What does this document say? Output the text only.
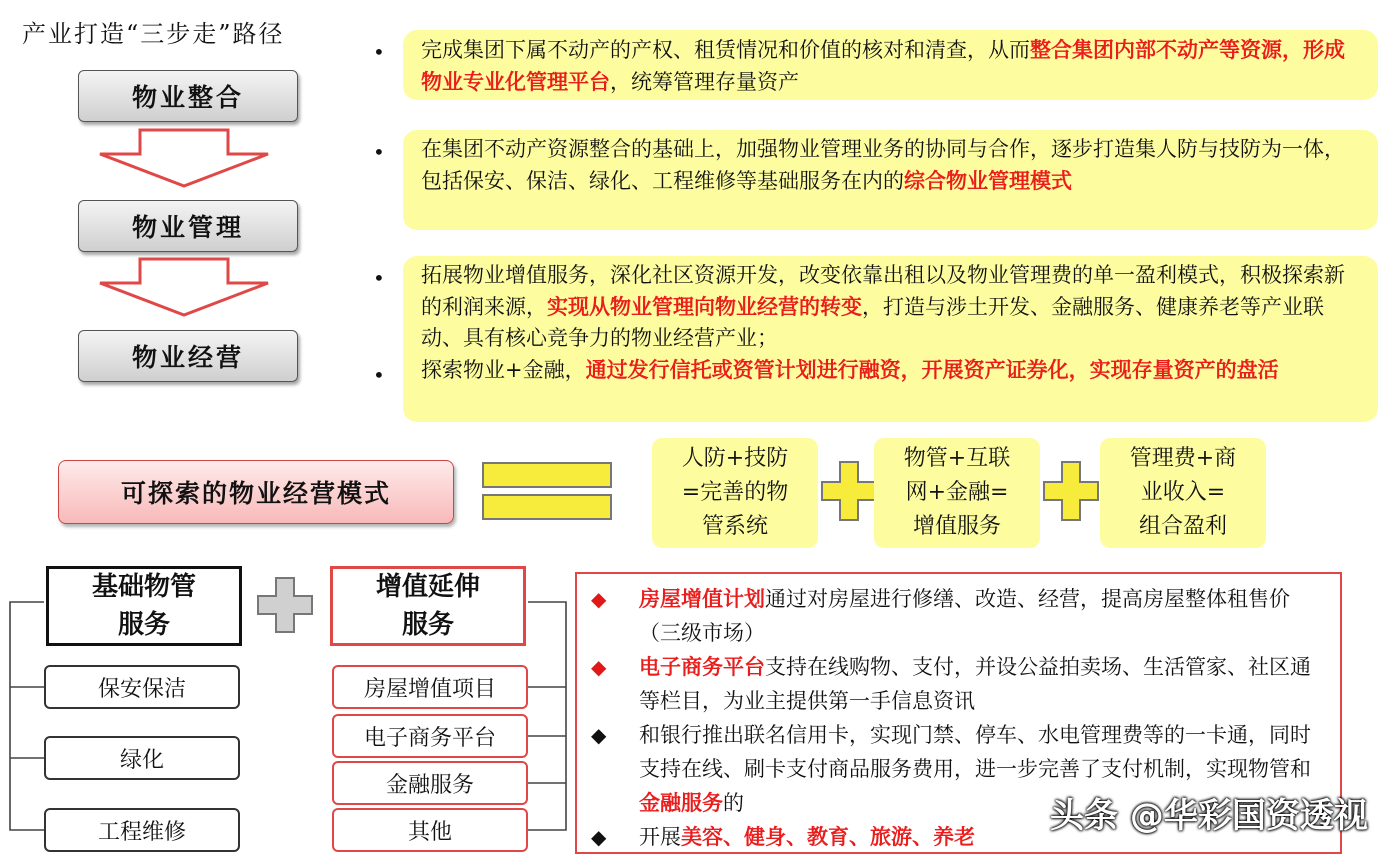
产业打造“三步走”路径
物业整合
物业管理
物业经营
•	完成集团下属不动产的产权、租赁情况和价值的核对和清查，从而整合集团内部不动产等资源，形成物业专业化管理平台，统筹管理存量资产
•	在集团不动产资源整合的基础上，加强物业管理业务的协同与合作，逐步打造集人防与技防为一体，包括保安、保洁、绿化、工程维修等基础服务在内的综合物业管理模式
•
•
拓展物业增值服务，深化社区资源开发，改变依靠出租以及物业管理费的单一盈利模式，积极探索新的利润来源，实现从物业管理向物业经营的转变，打造与涉土开发、金融服务、健康养老等产业联动、具有核心竞争力的物业经营产业；
探索物业+金融，通过发行信托或资管计划进行融资，开展资产证券化，实现存量资产的盘活
可探索的物业经营模式
人防+技防
=完善的物
管系统
物管+互联
网+金融=
增值服务
管理费+商
业收入=
组合盈利
基础物管
服务
增值延伸
服务
保安保洁
绿化
工程维修
房屋增值项目
电子商务平台
金融服务
其他
◆ 房屋增值计划通过对房屋进行修缮、改造、经营，提高房屋整体租售价（三级市场）
◆ 电子商务平台支持在线购物、支付，并设公益拍卖场、生活管家、社区通等栏目，为业主提供第一手信息资讯
◆ 和银行推出联名信用卡，实现门禁、停车、水电管理费等的一卡通，同时支持在线、刷卡支付商品服务费用，进一步完善了支付机制，实现物管和金融服务的
◆ 开展美容、健身、教育、旅游、养老
头条 @华彩国资透视
